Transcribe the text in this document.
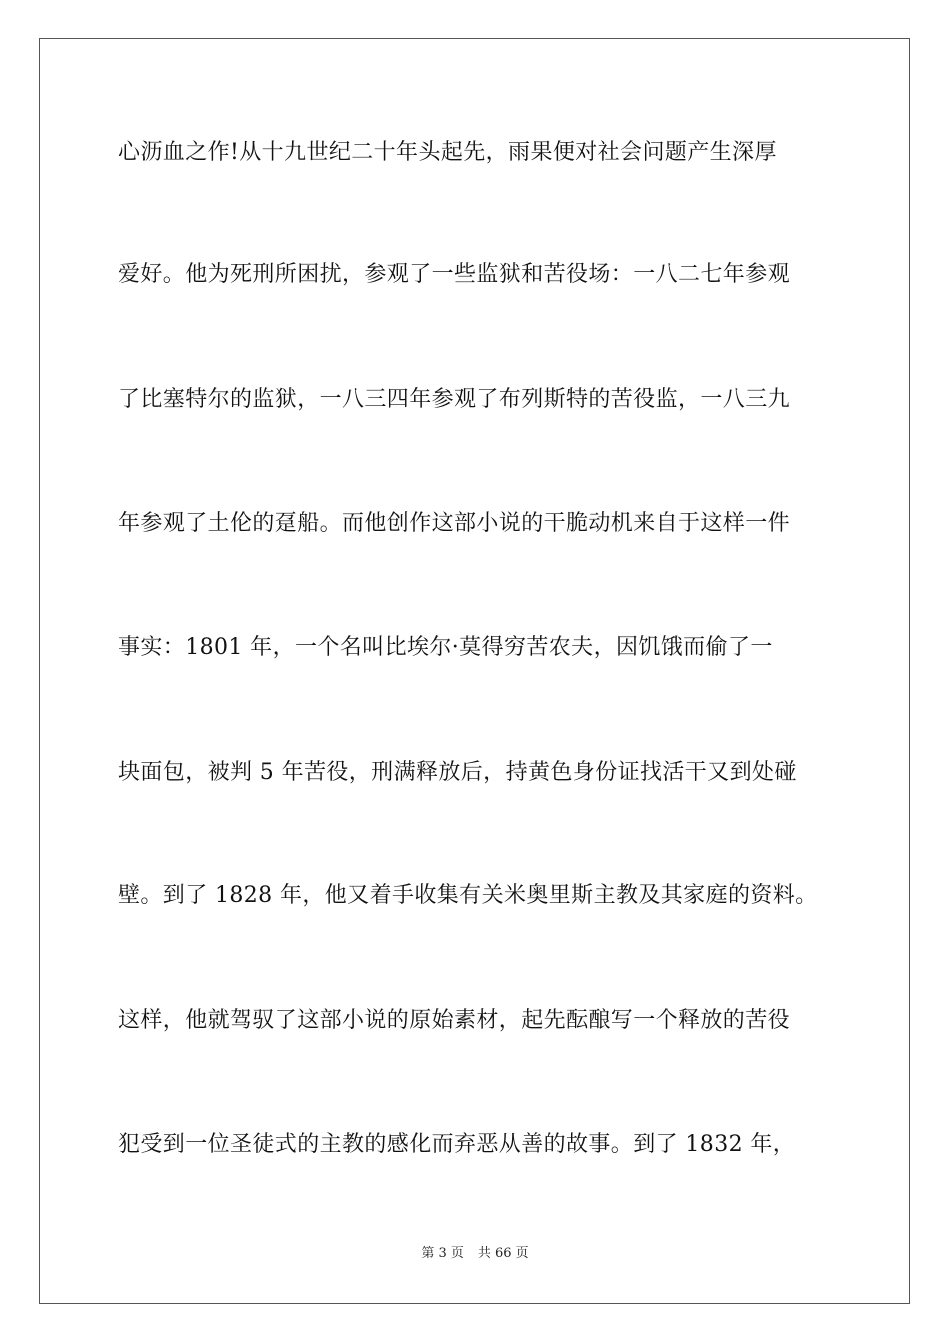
心沥血之作!从十九世纪二十年头起先，雨果便对社会问题产生深厚
爱好。他为死刑所困扰，参观了一些监狱和苦役场：一八二七年参观
了比塞特尔的监狱，一八三四年参观了布列斯特的苦役监，一八三九
年参观了土伦的趸船。而他创作这部小说的干脆动机来自于这样一件
事实：1801 年，一个名叫比埃尔·莫得穷苦农夫，因饥饿而偷了一
块面包，被判 5 年苦役，刑满释放后，持黄色身份证找活干又到处碰
壁。到了 1828 年，他又着手收集有关米奥里斯主教及其家庭的资料。
这样，他就驾驭了这部小说的原始素材，起先酝酿写一个释放的苦役
犯受到一位圣徒式的主教的感化而弃恶从善的故事。到了 1832 年，
第 3 页 共 66 页
